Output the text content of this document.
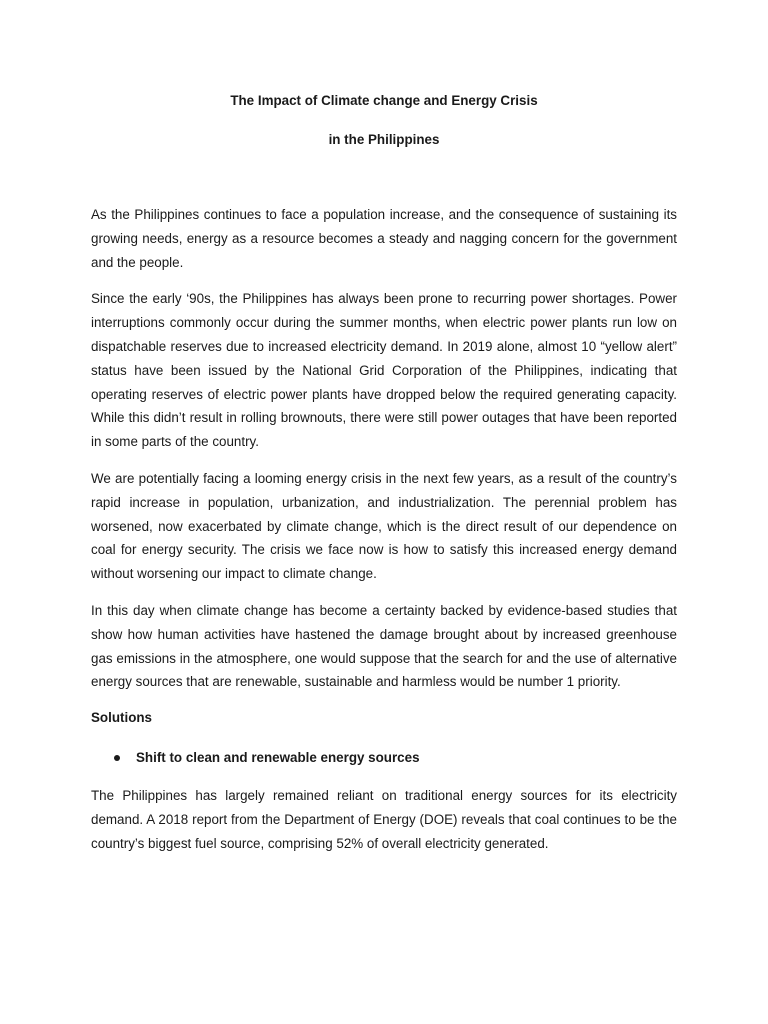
The Impact of Climate change and Energy Crisis
in the Philippines

As the Philippines continues to face a population increase, and the consequence of sustaining its growing needs, energy as a resource becomes a steady and nagging concern for the government and the people.

Since the early ‘90s, the Philippines has always been prone to recurring power shortages. Power interruptions commonly occur during the summer months, when electric power plants run low on dispatchable reserves due to increased electricity demand. In 2019 alone, almost 10 “yellow alert” status have been issued by the National Grid Corporation of the Philippines, indicating that operating reserves of electric power plants have dropped below the required generating capacity. While this didn’t result in rolling brownouts, there were still power outages that have been reported in some parts of the country.

We are potentially facing a looming energy crisis in the next few years, as a result of the country’s rapid increase in population, urbanization, and industrialization. The perennial problem has worsened, now exacerbated by climate change, which is the direct result of our dependence on coal for energy security. The crisis we face now is how to satisfy this increased energy demand without worsening our impact to climate change.

In this day when climate change has become a certainty backed by evidence-based studies that show how human activities have hastened the damage brought about by increased greenhouse gas emissions in the atmosphere, one would suppose that the search for and the use of alternative energy sources that are renewable, sustainable and harmless would be number 1 priority.

Solutions
Shift to clean and renewable energy sources

The Philippines has largely remained reliant on traditional energy sources for its electricity demand. A 2018 report from the Department of Energy (DOE) reveals that coal continues to be the country’s biggest fuel source, comprising 52% of overall electricity generated.
